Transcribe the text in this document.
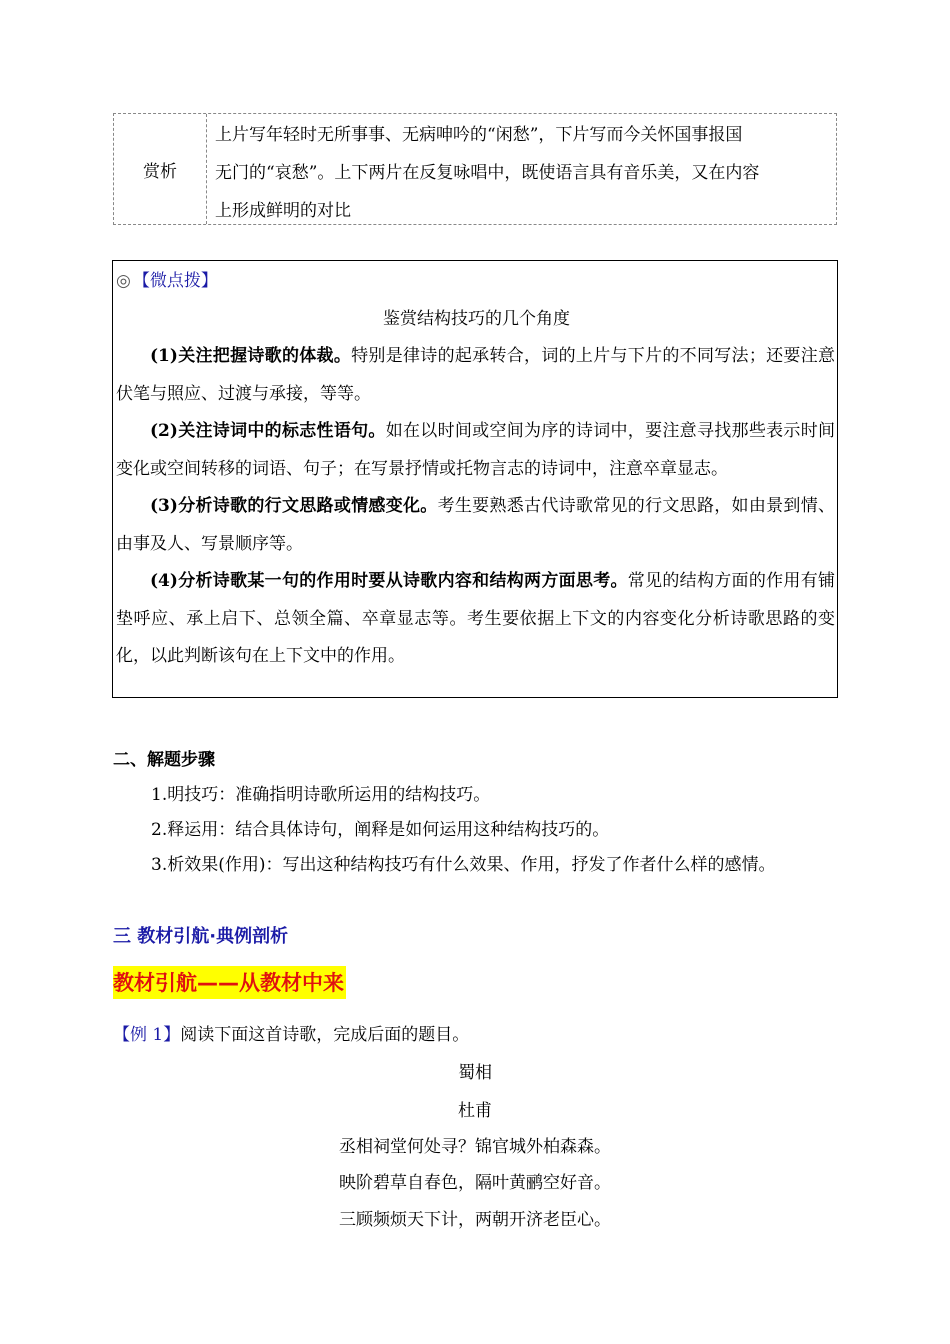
赏析
上片写年轻时无所事事、无病呻吟的“闲愁”，下片写而今关怀国事报国
无门的“哀愁”。上下两片在反复咏唱中，既使语言具有音乐美，又在内容
上形成鲜明的对比
◎ 【微点拨】
鉴赏结构技巧的几个角度

(1)关注把握诗歌的体裁。特别是律诗的起承转合，词的上片与下片的不同写法；还要注意伏笔与照应、过渡与承接，等等。

(2)关注诗词中的标志性语句。如在以时间或空间为序的诗词中，要注意寻找那些表示时间变化或空间转移的词语、句子；在写景抒情或托物言志的诗词中，注意卒章显志。

(3)分析诗歌的行文思路或情感变化。考生要熟悉古代诗歌常见的行文思路，如由景到情、由事及人、写景顺序等。

(4)分析诗歌某一句的作用时要从诗歌内容和结构两方面思考。常见的结构方面的作用有铺垫呼应、承上启下、总领全篇、卒章显志等。考生要依据上下文的内容变化分析诗歌思路的变化，以此判断该句在上下文中的作用。

二、解题步骤
1.明技巧：准确指明诗歌所运用的结构技巧。
2.释运用：结合具体诗句，阐释是如何运用这种结构技巧的。
3.析效果(作用)：写出这种结构技巧有什么效果、作用，抒发了作者什么样的感情。
三 教材引航·典例剖析
教材引航——从教材中来
【例 1】阅读下面这首诗歌，完成后面的题目。
蜀相
杜甫
丞相祠堂何处寻？锦官城外柏森森。
映阶碧草自春色，隔叶黄鹂空好音。
三顾频烦天下计，两朝开济老臣心。
